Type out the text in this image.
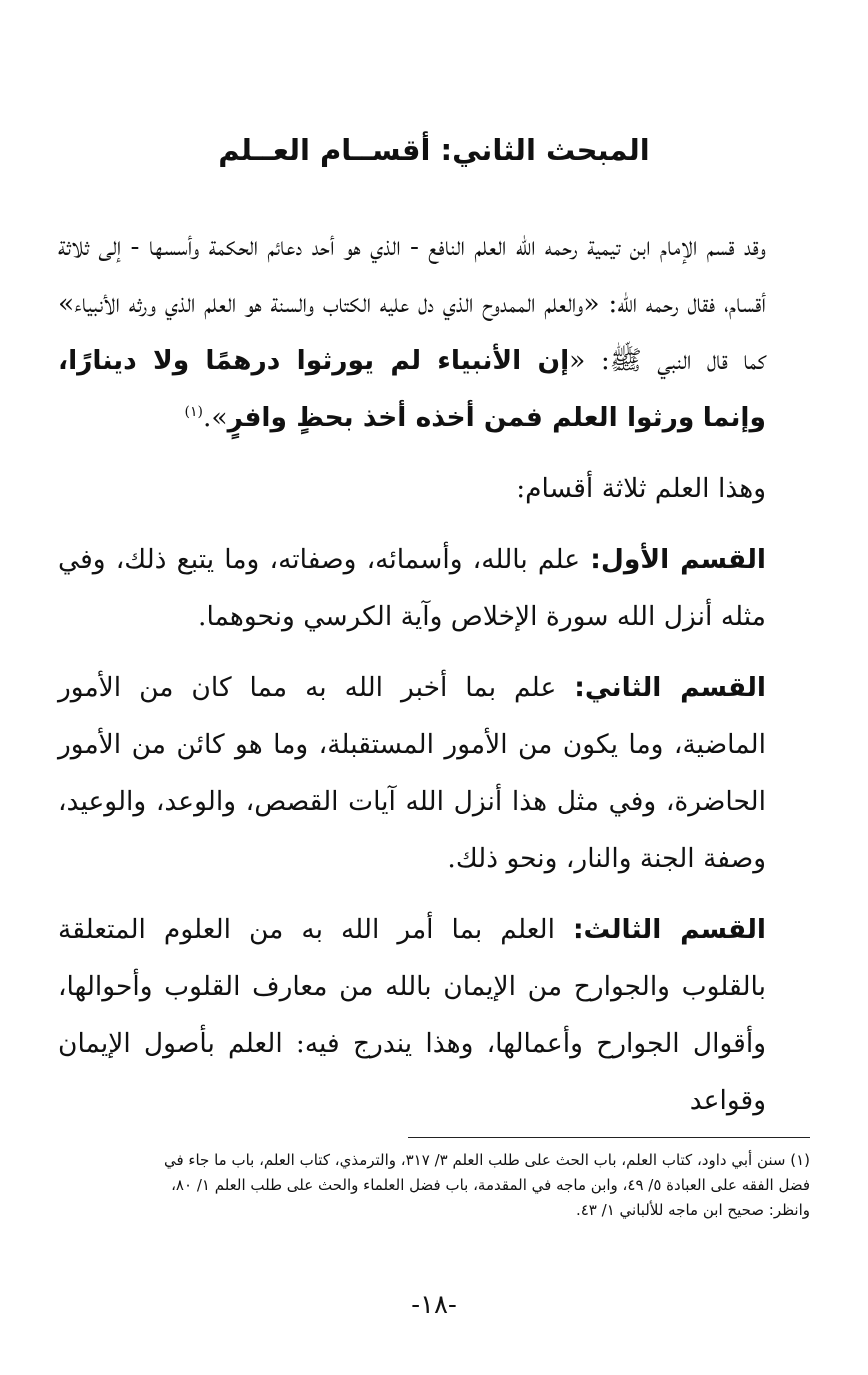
المبحث الثاني: أقســام العــلم

وقد قسم الإمام ابن تيمية رحمه الله العلم النافع - الذي هو أحد دعائم الحكمة وأسسها - إلى ثلاثة أقسام، فقال رحمه الله: «والعلم الممدوح الذي دل عليه الكتاب والسنة هو العلم الذي ورثه الأنبياء» كما قال النبي ﷺ: «إن الأنبياء لم يورثوا درهمًا ولا دينارًا، وإنما ورثوا العلم فمن أخذه أخذ بحظٍ وافرٍ».$^{(١)}$

وهذا العلم ثلاثة أقسام:

القسم الأول: علم بالله، وأسمائه، وصفاته، وما يتبع ذلك، وفي مثله أنزل الله سورة الإخلاص وآية الكرسي ونحوهما.

القسم الثاني: علم بما أخبر الله به مما كان من الأمور الماضية، وما يكون من الأمور المستقبلة، وما هو كائن من الأمور الحاضرة، وفي مثل هذا أنزل الله آيات القصص، والوعد، والوعيد، وصفة الجنة والنار، ونحو ذلك.

القسم الثالث: العلم بما أمر الله به من العلوم المتعلقة بالقلوب والجوارح من الإيمان بالله من معارف القلوب وأحوالها، وأقوال الجوارح وأعمالها، وهذا يندرج فيه: العلم بأصول الإيمان وقواعد

(١) سنن أبي داود، كتاب العلم، باب الحث على طلب العلم ٣/ ٣١٧، والترمذي، كتاب العلم، باب ما جاء في

فضل الفقه على العبادة ٥/ ٤٩، وابن ماجه في المقدمة، باب فضل العلماء والحث على طلب العلم ١/ ٨٠،

وانظر: صحيح ابن ماجه للألباني ١/ ٤٣.

-١٨-
